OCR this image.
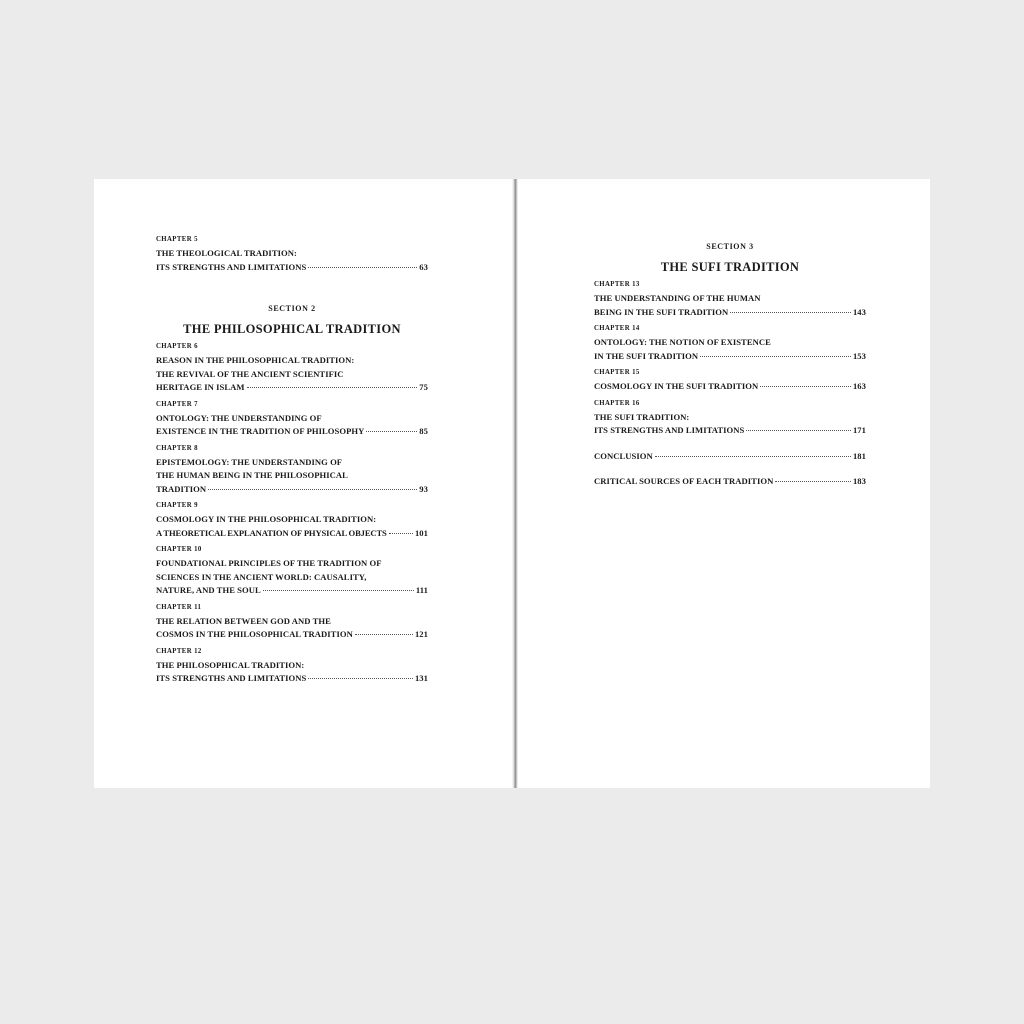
CHAPTER 5
THE THEOLOGICAL TRADITION:
ITS STRENGTHS AND LIMITATIONS	63
SECTION 2
THE PHILOSOPHICAL TRADITION
CHAPTER 6
REASON IN THE PHILOSOPHICAL TRADITION:
THE REVIVAL OF THE ANCIENT SCIENTIFIC
HERITAGE IN ISLAM	75
CHAPTER 7
ONTOLOGY: THE UNDERSTANDING OF
EXISTENCE IN THE TRADITION OF PHILOSOPHY	85
CHAPTER 8
EPISTEMOLOGY: THE UNDERSTANDING OF
THE HUMAN BEING IN THE PHILOSOPHICAL
TRADITION	93
CHAPTER 9
COSMOLOGY IN THE PHILOSOPHICAL TRADITION:
A THEORETICAL EXPLANATION OF PHYSICAL OBJECTS	101
CHAPTER 10
FOUNDATIONAL PRINCIPLES OF THE TRADITION OF
SCIENCES IN THE ANCIENT WORLD: CAUSALITY,
NATURE, AND THE SOUL	111
CHAPTER 11
THE RELATION BETWEEN GOD AND THE
COSMOS IN THE PHILOSOPHICAL TRADITION	121
CHAPTER 12
THE PHILOSOPHICAL TRADITION:
ITS STRENGTHS AND LIMITATIONS	131
SECTION 3
THE SUFI TRADITION
CHAPTER 13
THE UNDERSTANDING OF THE HUMAN
BEING IN THE SUFI TRADITION	143
CHAPTER 14
ONTOLOGY: THE NOTION OF EXISTENCE
IN THE SUFI TRADITION	153
CHAPTER 15
COSMOLOGY IN THE SUFI TRADITION	163
CHAPTER 16
THE SUFI TRADITION:
ITS STRENGTHS AND LIMITATIONS	171
CONCLUSION	181
CRITICAL SOURCES OF EACH TRADITION	183
